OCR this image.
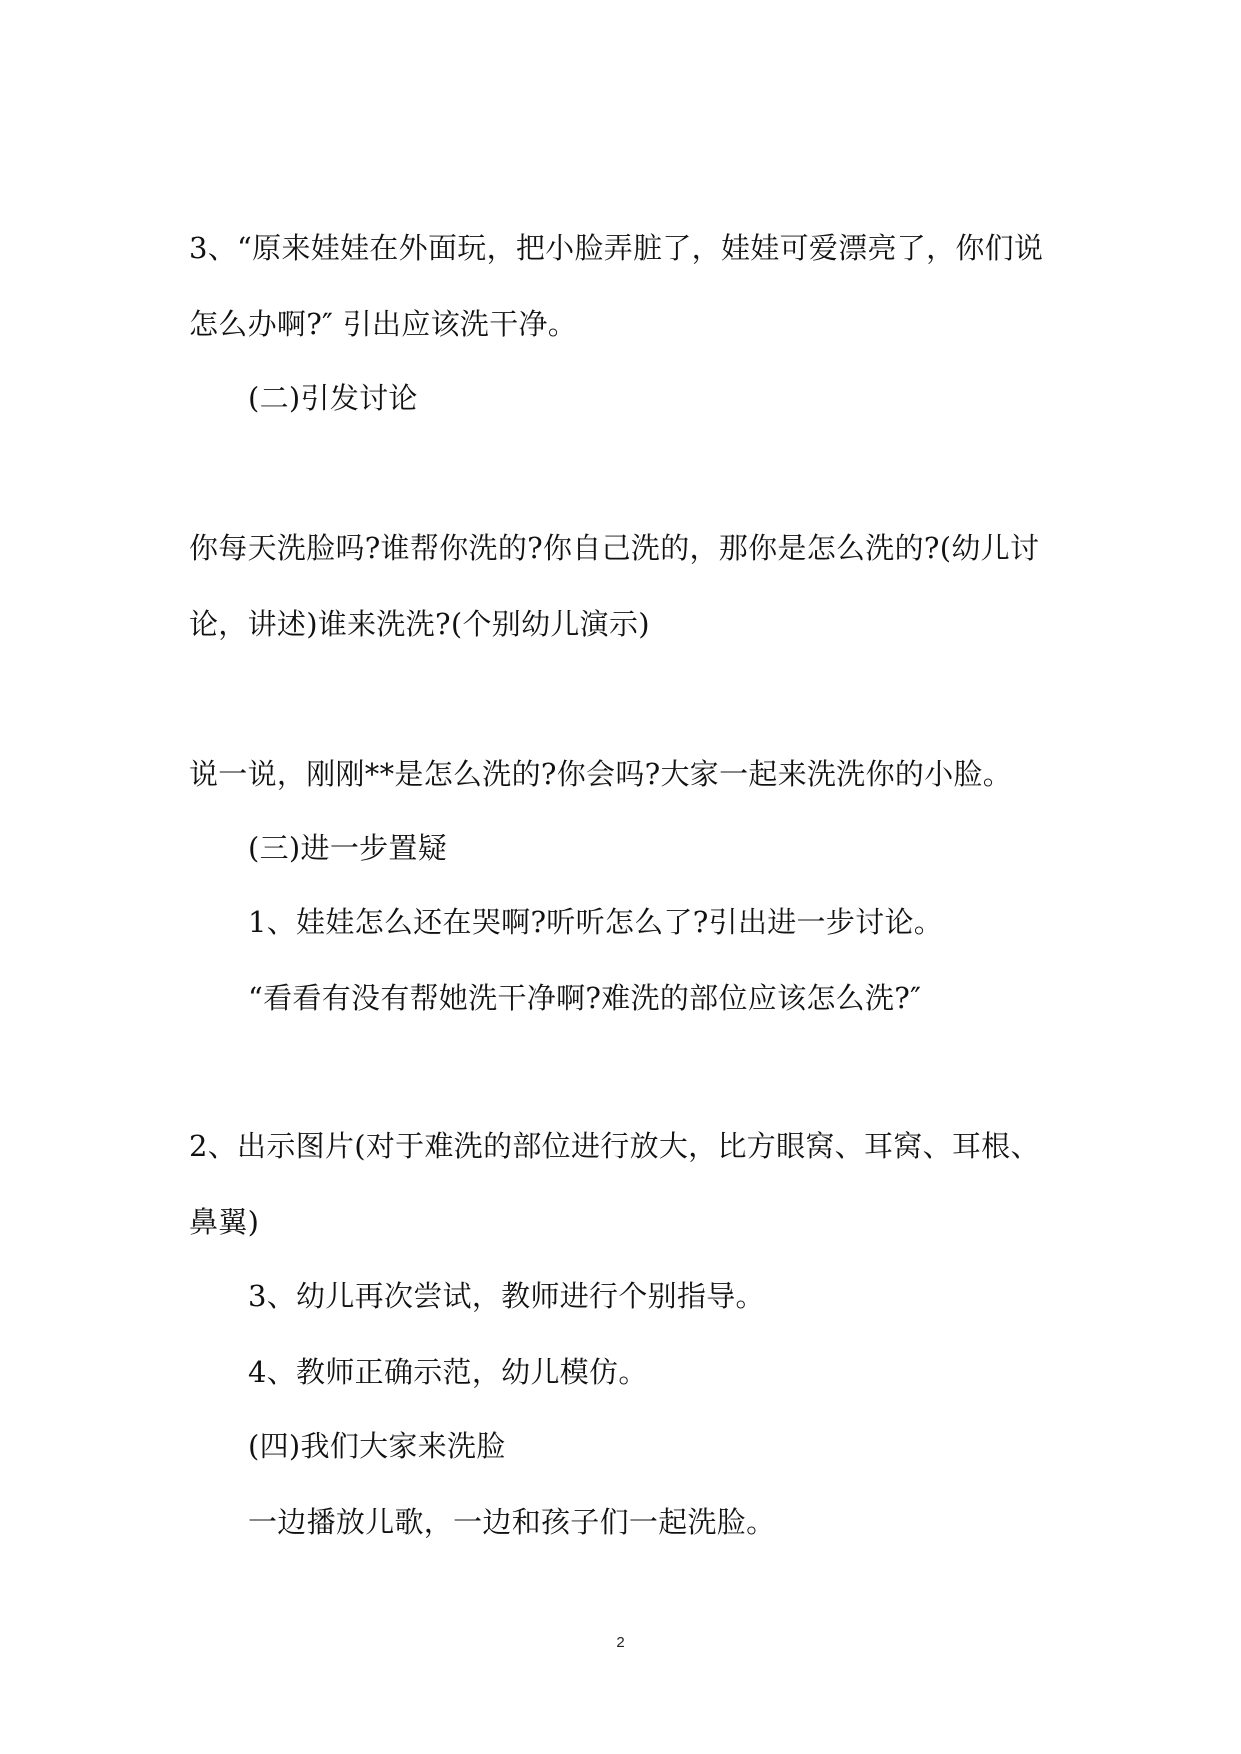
3、“原来娃娃在外面玩，把小脸弄脏了，娃娃可爱漂亮了，你们说
怎么办啊?″ 引出应该洗干净。
(二)引发讨论
你每天洗脸吗?谁帮你洗的?你自己洗的，那你是怎么洗的?(幼儿讨
论，讲述)谁来洗洗?(个别幼儿演示)
说一说，刚刚**是怎么洗的?你会吗?大家一起来洗洗你的小脸。
(三)进一步置疑
1、娃娃怎么还在哭啊?听听怎么了?引出进一步讨论。
“看看有没有帮她洗干净啊?难洗的部位应该怎么洗?″
2、出示图片(对于难洗的部位进行放大，比方眼窝、耳窝、耳根、
鼻翼)
3、幼儿再次尝试，教师进行个别指导。
4、教师正确示范，幼儿模仿。
(四)我们大家来洗脸
一边播放儿歌，一边和孩子们一起洗脸。
2
